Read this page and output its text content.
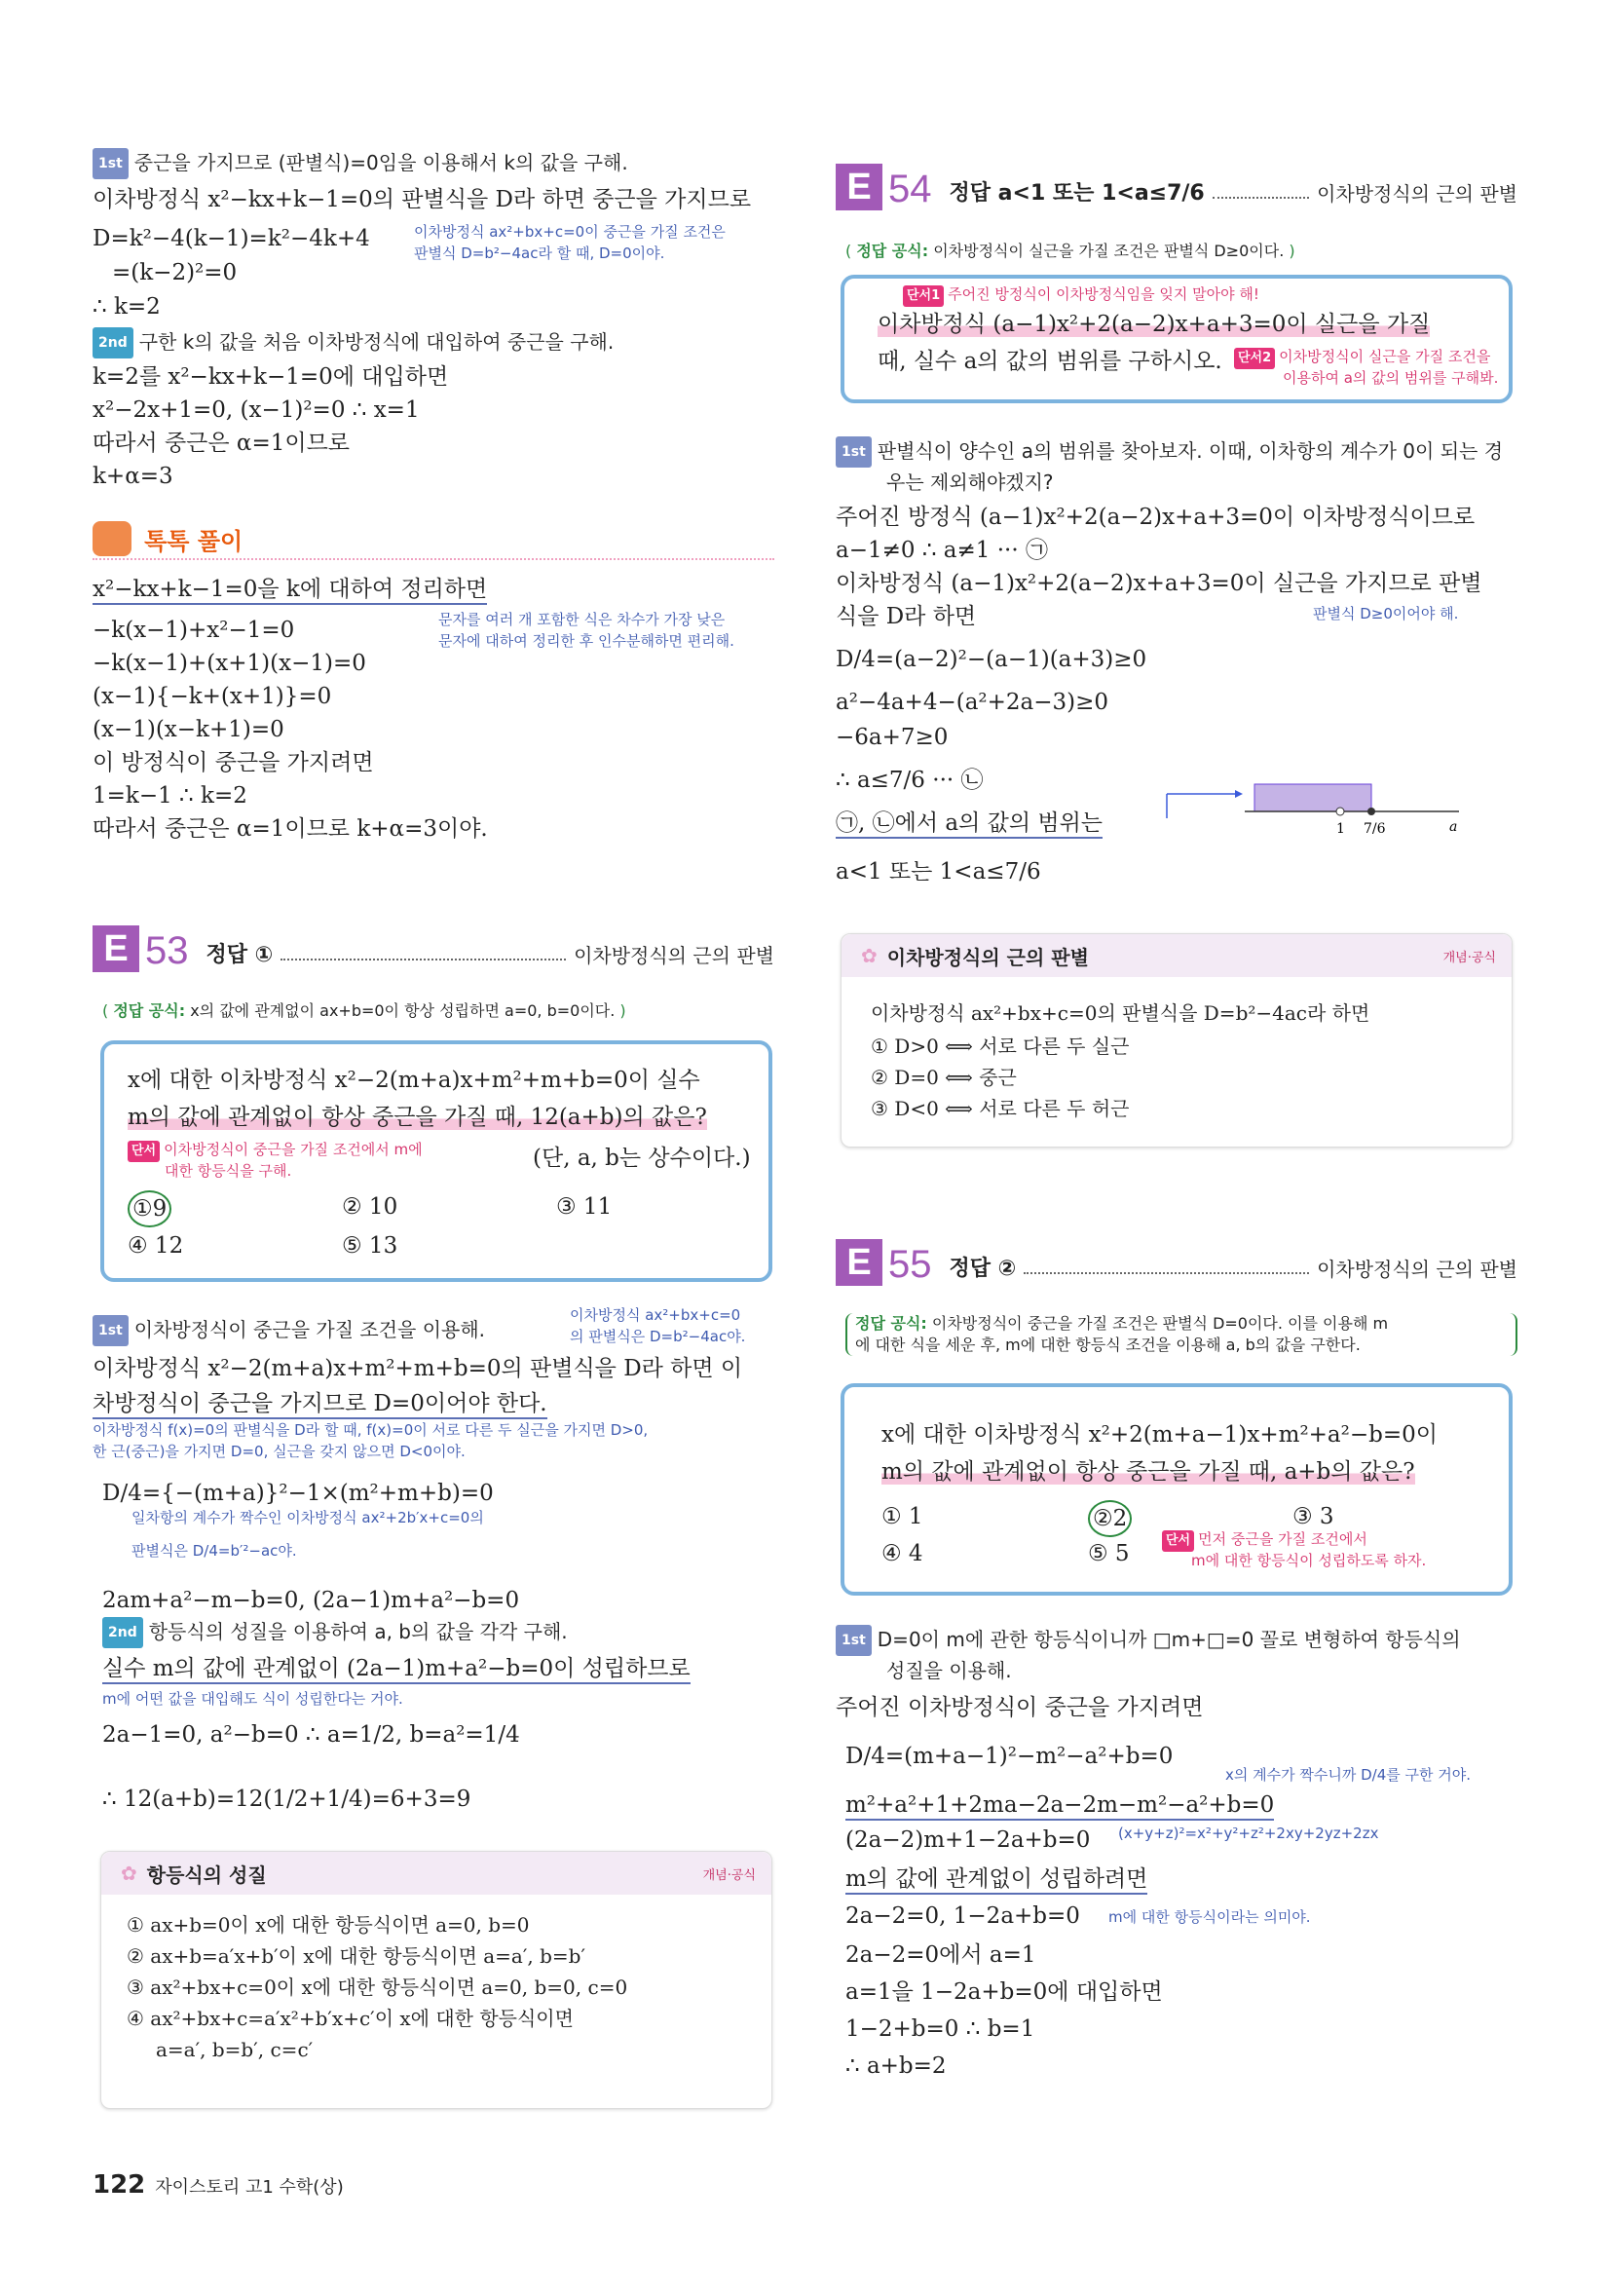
1st 중근을 가지므로 (판별식)=0임을 이용해서 k의 값을 구해.
이차방정식 x²−kx+k−1=0의 판별식을 D라 하면 중근을 가지므로
D=k²−4(k−1)=k²−4k+4	이차방정식 ax²+bx+c=0이 중근을 가질 조건은
판별식 D=b²−4ac라 할 때, D=0이야.
=(k−2)²=0
∴ k=2
2nd 구한 k의 값을 처음 이차방정식에 대입하여 중근을 구해.
k=2를 x²−kx+k−1=0에 대입하면
x²−2x+1=0, (x−1)²=0 ∴ x=1
따라서 중근은 α=1이므로
k+α=3
톡톡 풀이
x²−kx+k−1=0을 k에 대하여 정리하면
−k(x−1)+x²−1=0	문자를 여러 개 포함한 식은 차수가 가장 낮은
문자에 대하여 정리한 후 인수분해하면 편리해.
−k(x−1)+(x+1)(x−1)=0
(x−1){−k+(x+1)}=0
(x−1)(x−k+1)=0
이 방정식이 중근을 가지려면
1=k−1 ∴ k=2
따라서 중근은 α=1이므로 k+α=3이야.
E 53 정답 ①	이차방정식의 근의 판별
( 정답 공식: x의 값에 관계없이 ax+b=0이 항상 성립하면 a=0, b=0이다. )
x에 대한 이차방정식 x²−2(m+a)x+m²+m+b=0이 실수
m의 값에 관계없이 항상 중근을 가질 때, 12(a+b)의 값은?
단서 이차방정식이 중근을 가질 조건에서 m에
대한 항등식을 구해.	(단, a, b는 상수이다.)
①9	② 10	③ 11
④ 12	⑤ 13
1st 이차방정식이 중근을 가질 조건을 이용해.
이차방정식 ax²+bx+c=0
의 판별식은 D=b²−4ac야.
이차방정식 x²−2(m+a)x+m²+m+b=0의 판별식을 D라 하면 이
차방정식이 중근을 가지므로 D=0이어야 한다.
이차방정식 f(x)=0의 판별식을 D라 할 때, f(x)=0이 서로 다른 두 실근을 가지면 D>0,
한 근(중근)을 가지면 D=0, 실근을 갖지 않으면 D<0이야.
D/4={−(m+a)}²−1×(m²+m+b)=0
일차항의 계수가 짝수인 이차방정식 ax²+2b′x+c=0의
판별식은 D/4=b′²−ac야.
2am+a²−m−b=0, (2a−1)m+a²−b=0
2nd 항등식의 성질을 이용하여 a, b의 값을 각각 구해.
실수 m의 값에 관계없이 (2a−1)m+a²−b=0이 성립하므로
m에 어떤 값을 대입해도 식이 성립한다는 거야.
2a−1=0, a²−b=0 ∴ a=1/2, b=a²=1/4
∴ 12(a+b)=12(1/2+1/4)=6+3=9
✿ 항등식의 성질	개념·공식
① ax+b=0이 x에 대한 항등식이면 a=0, b=0
② ax+b=a′x+b′이 x에 대한 항등식이면 a=a′, b=b′
③ ax²+bx+c=0이 x에 대한 항등식이면 a=0, b=0, c=0
④ ax²+bx+c=a′x²+b′x+c′이 x에 대한 항등식이면
a=a′, b=b′, c=c′
E 54 정답 a<1 또는 1<a≤7/6	이차방정식의 근의 판별
( 정답 공식: 이차방정식이 실근을 가질 조건은 판별식 D≥0이다. )
단서1 주어진 방정식이 이차방정식임을 잊지 말아야 해!
이차방정식 (a−1)x²+2(a−2)x+a+3=0이 실근을 가질
때, 실수 a의 값의 범위를 구하시오.	단서2 이차방정식이 실근을 가질 조건을
이용하여 a의 값의 범위를 구해봐.
1st 판별식이 양수인 a의 범위를 찾아보자. 이때, 이차항의 계수가 0이 되는 경
우는 제외해야겠지?
주어진 방정식 (a−1)x²+2(a−2)x+a+3=0이 이차방정식이므로
a−1≠0 ∴ a≠1 ··· ㉠
이차방정식 (a−1)x²+2(a−2)x+a+3=0이 실근을 가지므로 판별
식을 D라 하면	판별식 D≥0이어야 해.
D/4=(a−2)²−(a−1)(a+3)≥0
a²−4a+4−(a²+2a−3)≥0
−6a+7≥0
∴ a≤7/6 ··· ㉡
㉠, ㉡에서 a의 값의 범위는
a<1 또는 1<a≤7/6
1 7/6	a
✿ 이차방정식의 근의 판별	개념·공식
이차방정식 ax²+bx+c=0의 판별식을 D=b²−4ac라 하면
① D>0 ⟺ 서로 다른 두 실근
② D=0 ⟺ 중근
③ D<0 ⟺ 서로 다른 두 허근
E 55 정답 ②	이차방정식의 근의 판별
정답 공식: 이차방정식이 중근을 가질 조건은 판별식 D=0이다. 이를 이용해 m
에 대한 식을 세운 후, m에 대한 항등식 조건을 이용해 a, b의 값을 구한다.
x에 대한 이차방정식 x²+2(m+a−1)x+m²+a²−b=0이
m의 값에 관계없이 항상 중근을 가질 때, a+b의 값은?
① 1	②2	③ 3
④ 4	⑤ 5
단서 먼저 중근을 가질 조건에서
m에 대한 항등식이 성립하도록 하자.
1st D=0이 m에 관한 항등식이니까 □m+□=0 꼴로 변형하여 항등식의
성질을 이용해.
주어진 이차방정식이 중근을 가지려면
D/4=(m+a−1)²−m²−a²+b=0
x의 계수가 짝수니까 D/4를 구한 거야.
m²+a²+1+2ma−2a−2m−m²−a²+b=0
(2a−2)m+1−2a+b=0 (x+y+z)²=x²+y²+z²+2xy+2yz+2zx
m의 값에 관계없이 성립하려면
2a−2=0, 1−2a+b=0 m에 대한 항등식이라는 의미야.
2a−2=0에서 a=1
a=1을 1−2a+b=0에 대입하면
1−2+b=0 ∴ b=1
∴ a+b=2
122 자이스토리 고1 수학(상)
